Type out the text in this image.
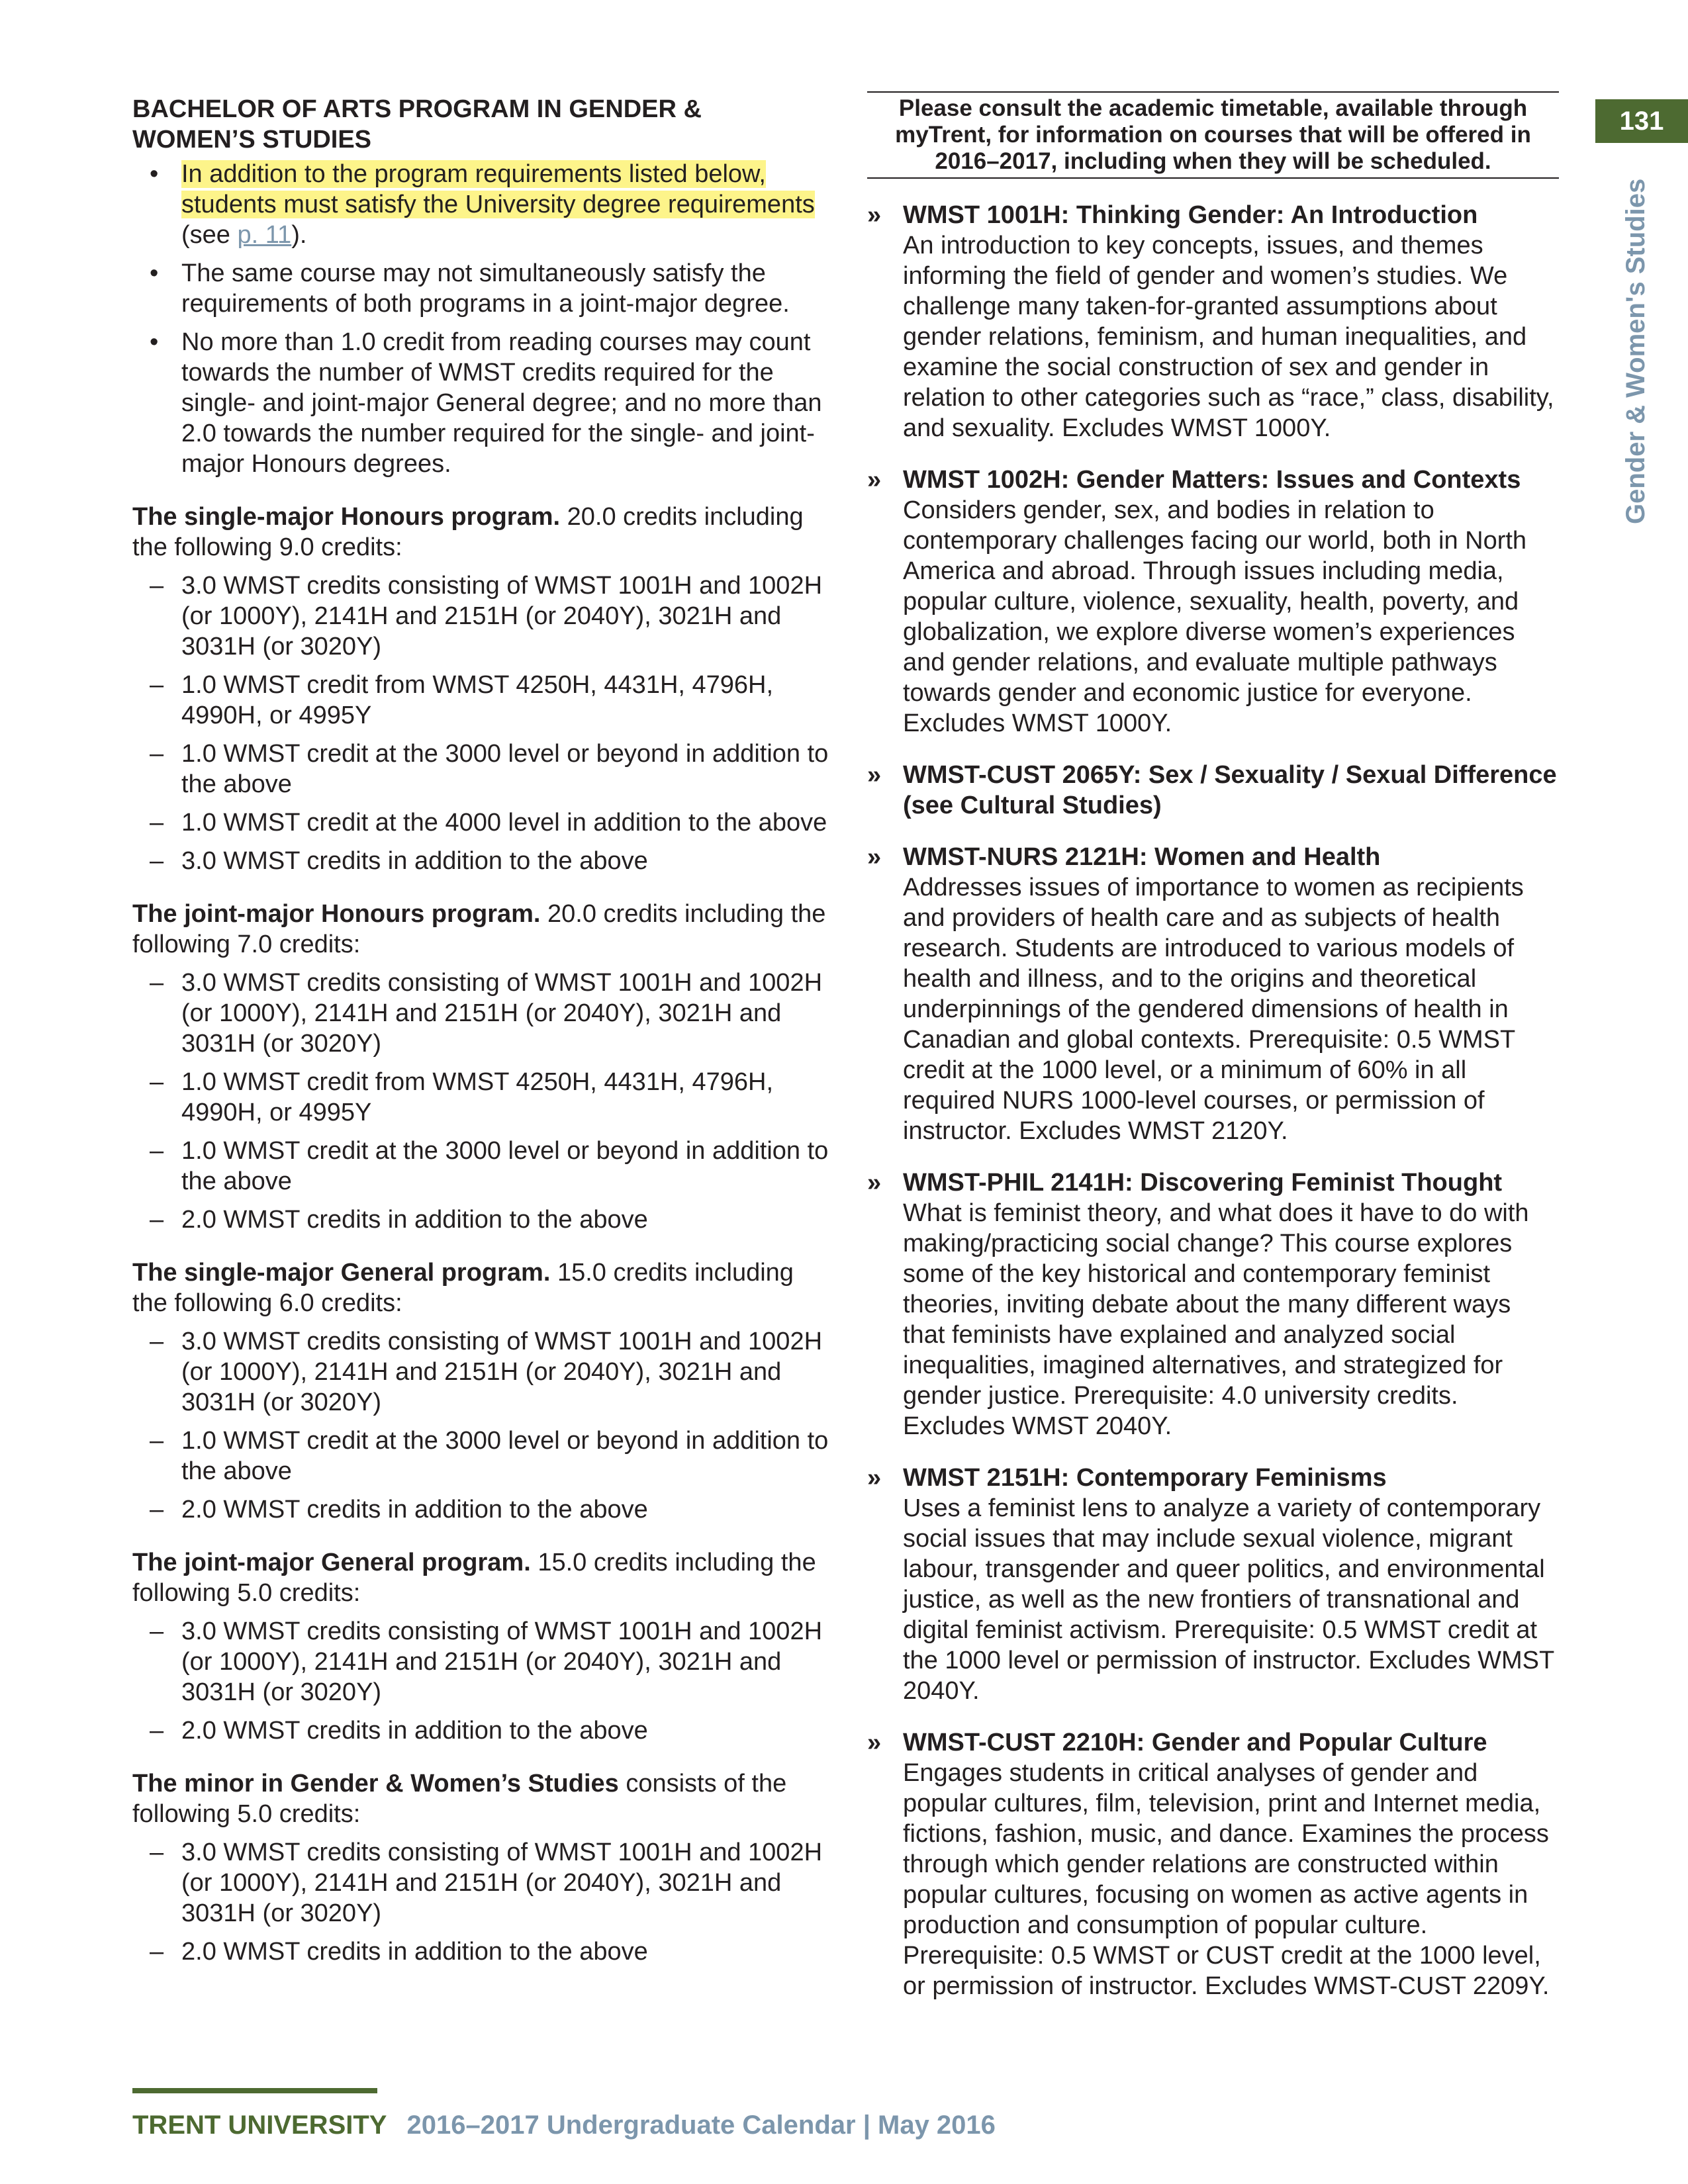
131
Gender & Women's Studies
BACHELOR OF ARTS PROGRAM IN GENDER &
WOMEN’S STUDIES
• In addition to the program requirements listed below, students must satisfy the University degree requirements (see p. 11).
• The same course may not simultaneously satisfy the requirements of both programs in a joint-major degree.
• No more than 1.0 credit from reading courses may count towards the number of WMST credits required for the single- and joint-major General degree; and no more than 2.0 towards the number required for the single- and joint-major Honours degrees.
The single-major Honours program. 20.0 credits including the following 9.0 credits:
– 3.0 WMST credits consisting of WMST 1001H and 1002H (or 1000Y), 2141H and 2151H (or 2040Y), 3021H and 3031H (or 3020Y)
– 1.0 WMST credit from WMST 4250H, 4431H, 4796H, 4990H, or 4995Y
– 1.0 WMST credit at the 3000 level or beyond in addition to the above
– 1.0 WMST credit at the 4000 level in addition to the above
– 3.0 WMST credits in addition to the above
The joint-major Honours program. 20.0 credits including the following 7.0 credits:
– 3.0 WMST credits consisting of WMST 1001H and 1002H (or 1000Y), 2141H and 2151H (or 2040Y), 3021H and 3031H (or 3020Y)
– 1.0 WMST credit from WMST 4250H, 4431H, 4796H, 4990H, or 4995Y
– 1.0 WMST credit at the 3000 level or beyond in addition to the above
– 2.0 WMST credits in addition to the above
The single-major General program. 15.0 credits including the following 6.0 credits:
– 3.0 WMST credits consisting of WMST 1001H and 1002H (or 1000Y), 2141H and 2151H (or 2040Y), 3021H and 3031H (or 3020Y)
– 1.0 WMST credit at the 3000 level or beyond in addition to the above
– 2.0 WMST credits in addition to the above
The joint-major General program. 15.0 credits including the following 5.0 credits:
– 3.0 WMST credits consisting of WMST 1001H and 1002H (or 1000Y), 2141H and 2151H (or 2040Y), 3021H and 3031H (or 3020Y)
– 2.0 WMST credits in addition to the above
The minor in Gender & Women’s Studies consists of the following 5.0 credits:
– 3.0 WMST credits consisting of WMST 1001H and 1002H (or 1000Y), 2141H and 2151H (or 2040Y), 3021H and 3031H (or 3020Y)
– 2.0 WMST credits in addition to the above
Please consult the academic timetable, available through myTrent, for information on courses that will be offered in 2016–2017, including when they will be scheduled.
» WMST 1001H: Thinking Gender: An Introduction
An introduction to key concepts, issues, and themes informing the field of gender and women’s studies. We challenge many taken-for-granted assumptions about gender relations, feminism, and human inequalities, and examine the social construction of sex and gender in relation to other categories such as “race,” class, disability, and sexuality. Excludes WMST 1000Y.
» WMST 1002H: Gender Matters: Issues and Contexts
Considers gender, sex, and bodies in relation to contemporary challenges facing our world, both in North America and abroad. Through issues including media, popular culture, violence, sexuality, health, poverty, and globalization, we explore diverse women’s experiences and gender relations, and evaluate multiple pathways towards gender and economic justice for everyone. Excludes WMST 1000Y.
» WMST-CUST 2065Y: Sex / Sexuality / Sexual Difference (see Cultural Studies)
» WMST-NURS 2121H: Women and Health
Addresses issues of importance to women as recipients and providers of health care and as subjects of health research. Students are introduced to various models of health and illness, and to the origins and theoretical underpinnings of the gendered dimensions of health in Canadian and global contexts. Prerequisite: 0.5 WMST credit at the 1000 level, or a minimum of 60% in all required NURS 1000-level courses, or permission of instructor. Excludes WMST 2120Y.
» WMST-PHIL 2141H: Discovering Feminist Thought
What is feminist theory, and what does it have to do with making/practicing social change? This course explores some of the key historical and contemporary feminist theories, inviting debate about the many different ways that feminists have explained and analyzed social inequalities, imagined alternatives, and strategized for gender justice. Prerequisite: 4.0 university credits. Excludes WMST 2040Y.
» WMST 2151H: Contemporary Feminisms
Uses a feminist lens to analyze a variety of contemporary social issues that may include sexual violence, migrant labour, transgender and queer politics, and environmental justice, as well as the new frontiers of transnational and digital feminist activism. Prerequisite: 0.5 WMST credit at the 1000 level or permission of instructor. Excludes WMST 2040Y.
» WMST-CUST 2210H: Gender and Popular Culture
Engages students in critical analyses of gender and popular cultures, film, television, print and Internet media, fictions, fashion, music, and dance. Examines the process through which gender relations are constructed within popular cultures, focusing on women as active agents in production and consumption of popular culture. Prerequisite: 0.5 WMST or CUST credit at the 1000 level, or permission of instructor. Excludes WMST-CUST 2209Y.
TRENT UNIVERSITY 2016–2017 Undergraduate Calendar | May 2016
